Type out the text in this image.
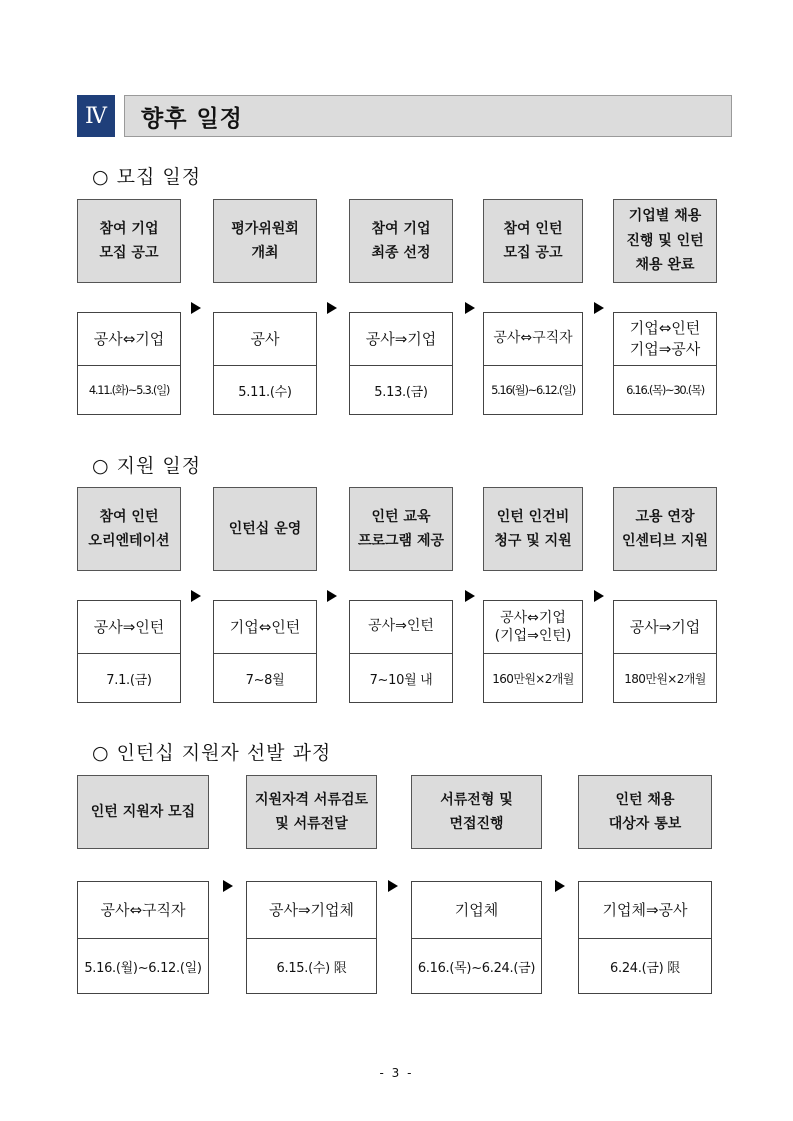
Ⅳ	향후 일정
○ 모집 일정
참여 기업
모집 공고
평가위원회
개최
참여 기업
최종 선정
참여 인턴
모집 공고
기업별 채용
진행 및 인턴
채용 완료
공사⇔기업
4.11.(화)~5.3.(일)
공사
5.11.(수)
공사⇒기업
5.13.(금)
공사⇔구직자
5.16(월)~6.12.(일)
기업⇔인턴
기업⇒공사
6.16.(목)~30.(목)
○ 지원 일정
참여 인턴
오리엔테이션
인턴십 운영
인턴 교육
프로그램 제공
인턴 인건비
청구 및 지원
고용 연장
인센티브 지원
공사⇒인턴
7.1.(금)
기업⇔인턴
7~8월
공사⇒인턴
7~10월 내
공사⇔기업
(기업⇒인턴)
160만원×2개월
공사⇒기업
180만원×2개월
○ 인턴십 지원자 선발 과정
인턴 지원자 모집
지원자격 서류검토
및 서류전달
서류전형 및
면접진행
인턴 채용
대상자 통보
공사⇔구직자
5.16.(월)~6.12.(일)
공사⇒기업체
6.15.(수) 限
기업체
6.16.(목)~6.24.(금)
기업체⇒공사
6.24.(금) 限
- 3 -
